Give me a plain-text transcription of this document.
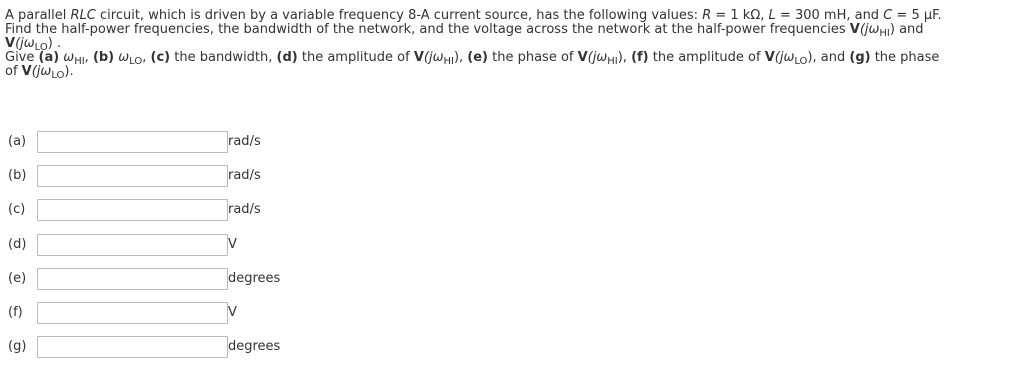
A parallel RLC circuit, which is driven by a variable frequency 8-A current source, has the following values: R = 1 kΩ, L = 300 mH, and C = 5 μF.

Find the half-power frequencies, the bandwidth of the network, and the voltage across the network at the half-power frequencies $V(j\omega_{HI})$ and

$V(j\omega_{LO})$ .

Give (a) $\omega_{HI}$, (b) $\omega_{LO}$, (c) the bandwidth, (d) the amplitude of $V(j\omega_{HI})$, (e) the phase of $V(j\omega_{HI})$, (f) the amplitude of $V(j\omega_{LO})$, and (g) the phase

of $V(j\omega_{LO})$.

(a)	rad/s
(b)	rad/s
(c)	rad/s
(d)	V
(e)	degrees
(f)	V
(g)	degrees
